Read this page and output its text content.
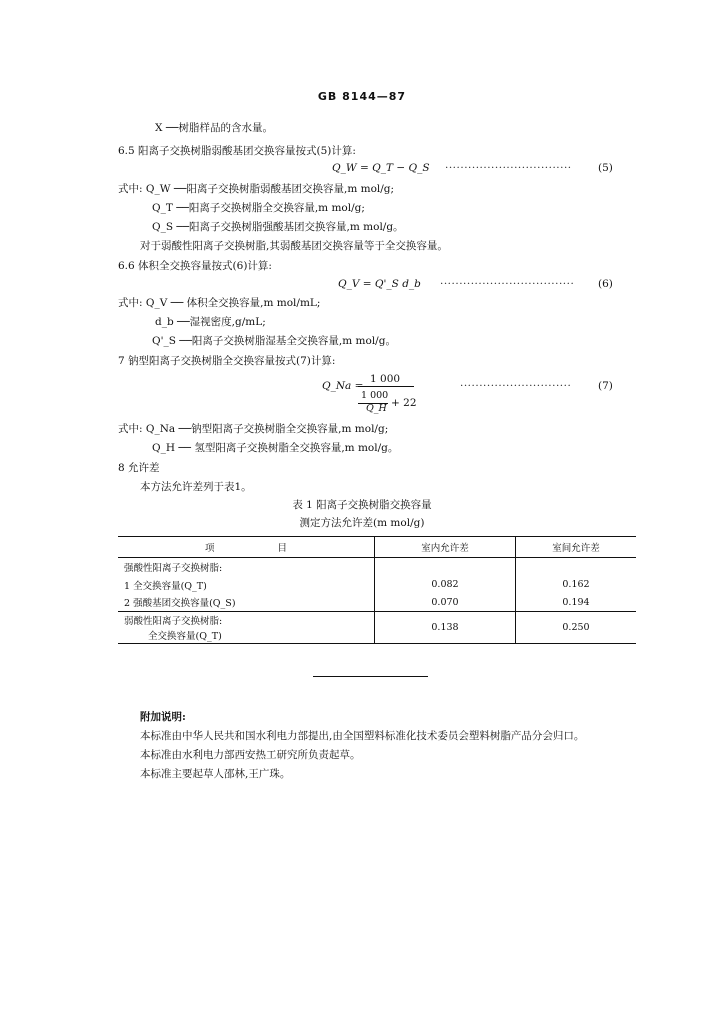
GB 8144—87
X ──树脂样品的含水量。
6.5 阳离子交换树脂弱酸基团交换容量按式(5)计算:
Q_W = Q_T − Q_S ·································	(5)
式中: Q_W ──阳离子交换树脂弱酸基团交换容量,m mol/g;
Q_T ──阳离子交换树脂全交换容量,m mol/g;
Q_S ──阳离子交换树脂强酸基团交换容量,m mol/g。
对于弱酸性阳离子交换树脂,其弱酸基团交换容量等于全交换容量。
6.6 体积全交换容量按式(6)计算:
Q_V = Q'_S d_b ··································· (6)
式中: Q_V ── 体积全交换容量,m mol/mL;
d_b ──湿视密度,g/mL;
Q'_S ──阳离子交换树脂湿基全交换容量,m mol/g。
7 钠型阳离子交换树脂全交换容量按式(7)计算:
Q_Na =
1 000
1 000
Q_H + 22
·····························	(7)
式中: Q_Na ──钠型阳离子交换树脂全交换容量,m mol/g;
Q_H ── 氢型阳离子交换树脂全交换容量,m mol/g。
8 允许差
本方法允许差列于表1。
表 1 阳离子交换树脂交换容量
测定方法允许差(m mol/g)
项 目	室内允许差	室间允许差
强酸性阳离子交换树脂:		
1 全交换容量(Q_T)	0.082	0.162
2 强酸基团交换容量(Q_S)	0.070	0.194
弱酸性阳离子交换树脂:	0.138	0.250
全交换容量(Q_T)		
附加说明:
本标准由中华人民共和国水利电力部提出,由全国塑料标准化技术委员会塑料树脂产品分会归口。
本标准由水利电力部西安热工研究所负责起草。
本标准主要起草人邵林,王广珠。
